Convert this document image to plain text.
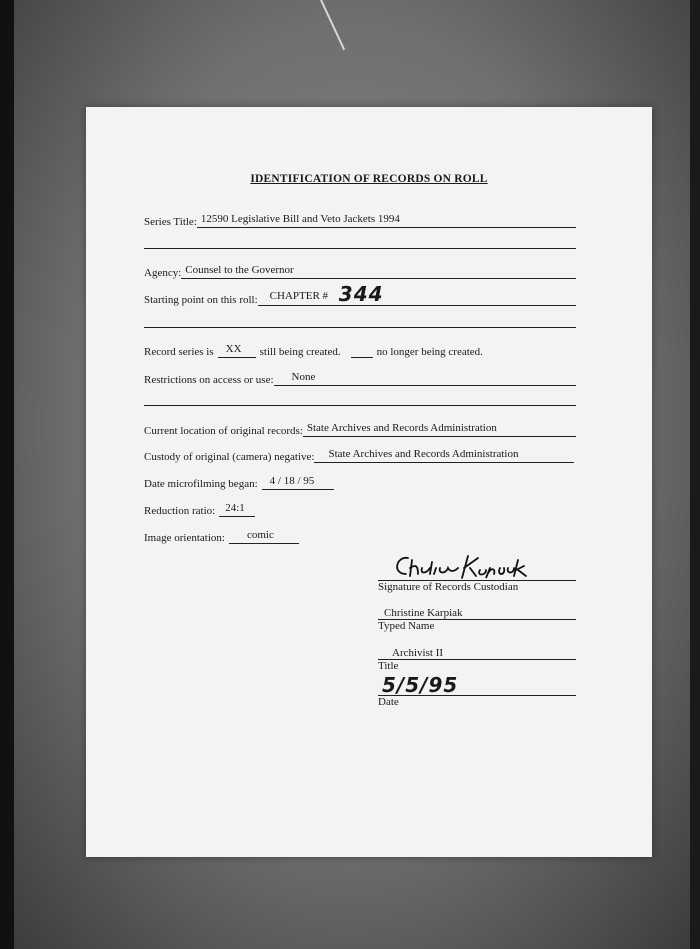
IDENTIFICATION OF RECORDS ON ROLL
Series Title: 12590 Legislative Bill and Veto Jackets 1994
Agency: Counsel to the Governor
Starting point on this roll:	CHAPTER # 344
Record series is	XX	still being created.	no longer being created.
Restrictions on access or use:	None
Current location of original records: State Archives and Records Administration
Custody of original (camera) negative:	State Archives and Records Administration
Date microfilming began:	4 / 18 / 95
Reduction ratio: 24:1
Image orientation:	comic
Signature of Records Custodian
Christine Karpiak
Typed Name
Archivist II
Title
5/5/95
Date
